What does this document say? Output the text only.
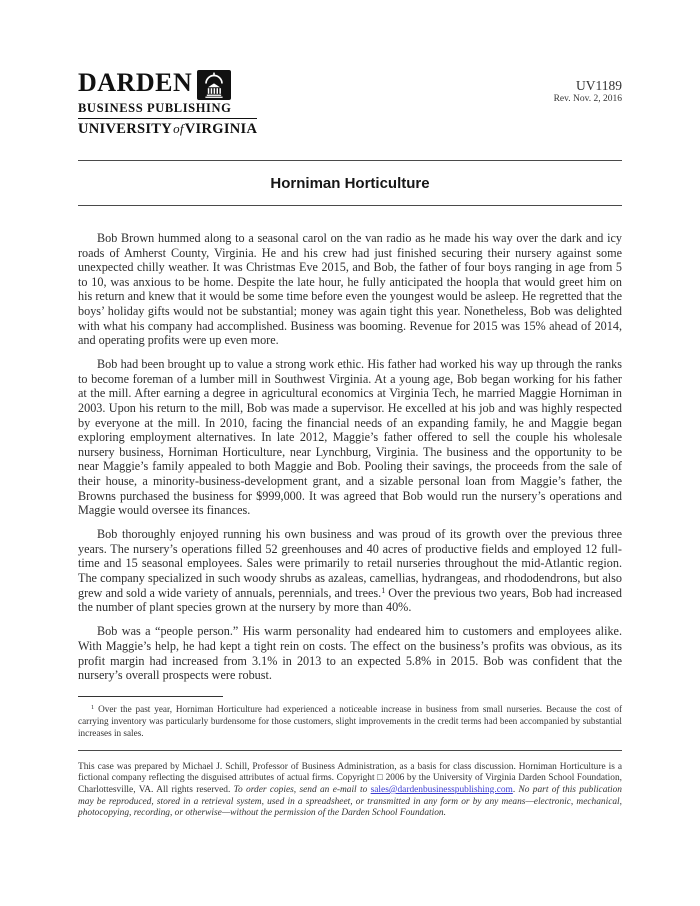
DARDEN
BUSINESS PUBLISHING
UNIVERSITYofVIRGINIA
UV1189
Rev. Nov. 2, 2016
Horniman Horticulture

Bob Brown hummed along to a seasonal carol on the van radio as he made his way over the dark and icy roads of Amherst County, Virginia. He and his crew had just finished securing their nursery against some unexpected chilly weather. It was Christmas Eve 2015, and Bob, the father of four boys ranging in age from 5 to 10, was anxious to be home. Despite the late hour, he fully anticipated the hoopla that would greet him on his return and knew that it would be some time before even the youngest would be asleep. He regretted that the boys’ holiday gifts would not be substantial; money was again tight this year. Nonetheless, Bob was delighted with what his company had accomplished. Business was booming. Revenue for 2015 was 15% ahead of 2014, and operating profits were up even more.

Bob had been brought up to value a strong work ethic. His father had worked his way up through the ranks to become foreman of a lumber mill in Southwest Virginia. At a young age, Bob began working for his father at the mill. After earning a degree in agricultural economics at Virginia Tech, he married Maggie Horniman in 2003. Upon his return to the mill, Bob was made a supervisor. He excelled at his job and was highly respected by everyone at the mill. In 2010, facing the financial needs of an expanding family, he and Maggie began exploring employment alternatives. In late 2012, Maggie’s father offered to sell the couple his wholesale nursery business, Horniman Horticulture, near Lynchburg, Virginia. The business and the opportunity to be near Maggie’s family appealed to both Maggie and Bob. Pooling their savings, the proceeds from the sale of their house, a minority-business-development grant, and a sizable personal loan from Maggie’s father, the Browns purchased the business for $999,000. It was agreed that Bob would run the nursery’s operations and Maggie would oversee its finances.

Bob thoroughly enjoyed running his own business and was proud of its growth over the previous three years. The nursery’s operations filled 52 greenhouses and 40 acres of productive fields and employed 12 full-time and 15 seasonal employees. Sales were primarily to retail nurseries throughout the mid-Atlantic region. The company specialized in such woody shrubs as azaleas, camellias, hydrangeas, and rhododendrons, but also grew and sold a wide variety of annuals, perennials, and trees.$^1$ Over the previous two years, Bob had increased the number of plant species grown at the nursery by more than 40%.

Bob was a “people person.” His warm personality had endeared him to customers and employees alike. With Maggie’s help, he had kept a tight rein on costs. The effect on the business’s profits was obvious, as its profit margin had increased from 3.1% in 2013 to an expected 5.8% in 2015. Bob was confident that the nursery’s overall prospects were robust.

$^1$ Over the past year, Horniman Horticulture had experienced a noticeable increase in business from small nurseries. Because the cost of carrying inventory was particularly burdensome for those customers, slight improvements in the credit terms had been accompanied by substantial increases in sales.

This case was prepared by Michael J. Schill, Professor of Business Administration, as a basis for class discussion. Horniman Horticulture is a fictional company reflecting the disguised attributes of actual firms. Copyright □ 2006 by the University of Virginia Darden School Foundation, Charlottesville, VA. All rights reserved. To order copies, send an e-mail to sales@dardenbusinesspublishing.com. No part of this publication may be reproduced, stored in a retrieval system, used in a spreadsheet, or transmitted in any form or by any means—electronic, mechanical, photocopying, recording, or otherwise—without the permission of the Darden School Foundation.
